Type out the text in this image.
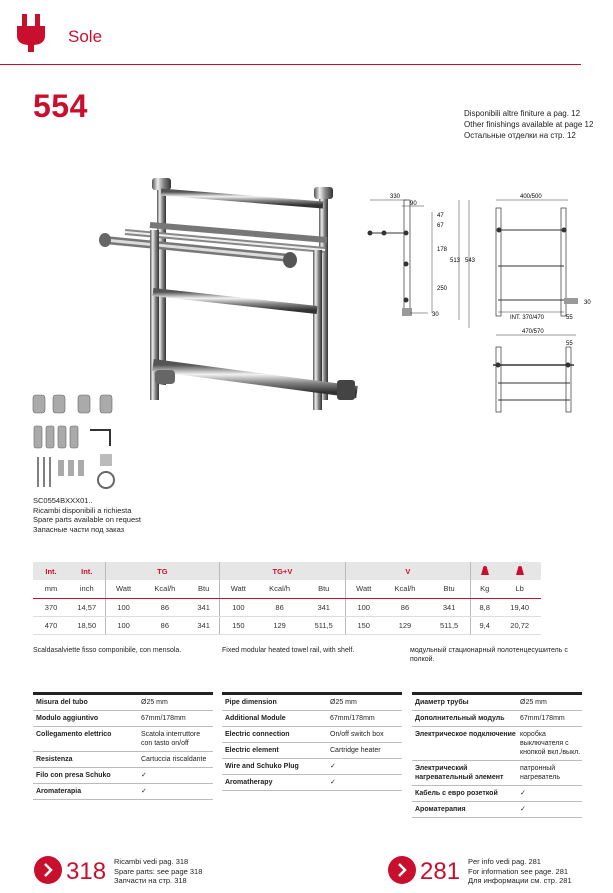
Sole
554	Disponibili altre finiture a pag. 12
Other finishings available at page 12
Остальные отделки на стр. 12
330
90
47
67
178
513 543
250
30
400/500
30
INT. 370/470	55
470/570
55
SC0554BXXX01..
Ricambi disponibili a richiesta
Spare parts available on request
Запасные части под заказ
Int.	Int.	TG			TG+V			V		
mm	inch	Watt	Kcal/h	Btu	Watt	Kcal/h	Btu	Watt	Kcal/h	Btu	Kg	Lb
370	14,57	100	86	341	100	86	341	100	86	341	8,8	19,40
470	18,50	100	86	341	150	129	511,5	150	129	511,5	9,4	20,72
Scaldasalviette fisso componibile, con mensola.	Fixed modular heated towel rail, with shelf.	модульный стационарный полотенцесушитель с полкой.
Misura del tubo	Ø25 mm
Modulo aggiuntivo	67mm/178mm
Collegamento elettrico	Scatola interruttore con tasto on/off
Resistenza	Cartuccia riscaldante
Filo con presa Schuko	✓
Aromaterapia	✓
Pipe dimension	Ø25 mm
Additional Module	67mm/178mm
Electric connection	On/off switch box
Electric element	Cartridge heater
Wire and Schuko Plug	✓
Aromatherapy	✓
Диаметр трубы	Ø25 mm
Дополнительный модуль	67mm/178mm
Электрическое подключение	коробка выключателя с кнопкой вкл./выкл.
Электрический нагревательный элемент	патронный нагреватель
Кабель с евро розеткой	✓
Ароматерапия	✓
318 Ricambi vedi pag. 318
Spare parts: see page 318
Запчасти на стр. 318	281 Per info vedi pag. 281
For information see page. 281
Для информации см. стр. 281
